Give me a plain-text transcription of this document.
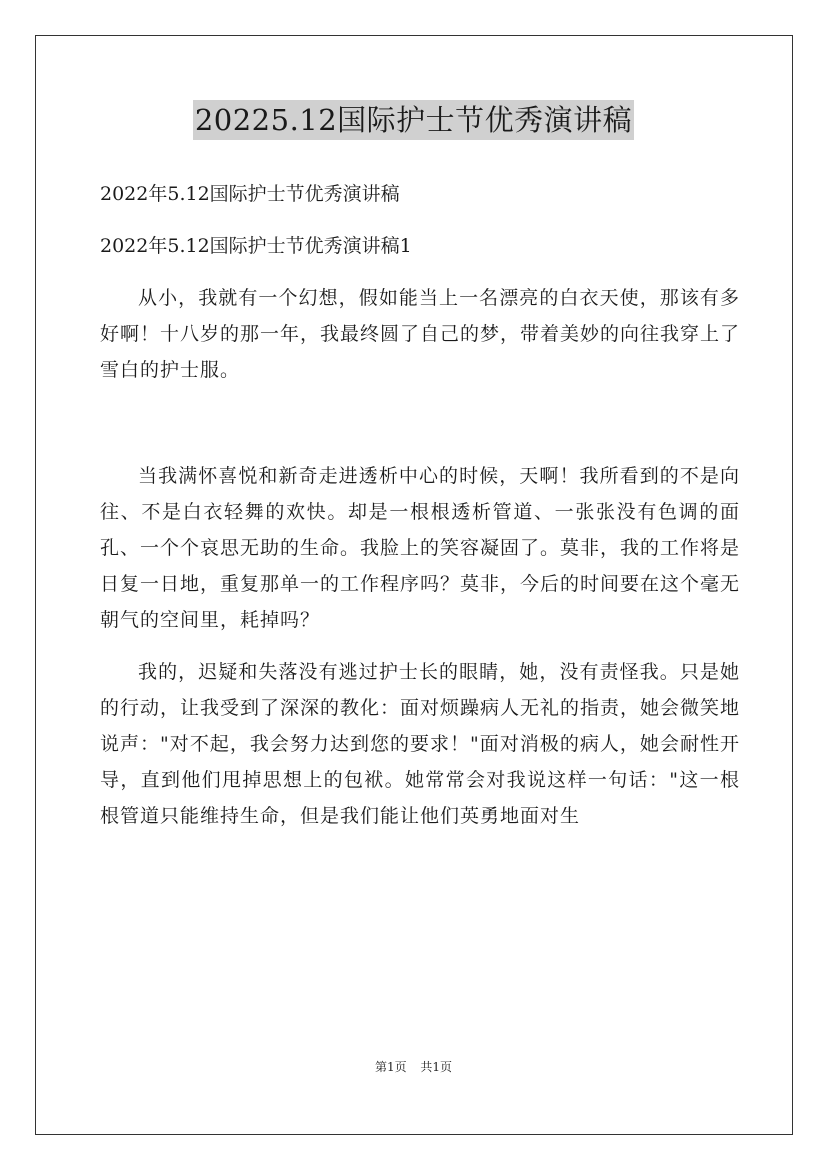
20225.12国际护士节优秀演讲稿

2022年5.12国际护士节优秀演讲稿

2022年5.12国际护士节优秀演讲稿1

从小，我就有一个幻想，假如能当上一名漂亮的白衣天使，那该有多好啊！十八岁的那一年，我最终圆了自己的梦，带着美妙的向往我穿上了雪白的护士服。

当我满怀喜悦和新奇走进透析中心的时候，天啊！我所看到的不是向往、不是白衣轻舞的欢快。却是一根根透析管道、一张张没有色调的面孔、一个个哀思无助的生命。我脸上的笑容凝固了。莫非，我的工作将是日复一日地，重复那单一的工作程序吗？莫非，今后的时间要在这个毫无朝气的空间里，耗掉吗？

我的，迟疑和失落没有逃过护士长的眼睛，她，没有责怪我。只是她的行动，让我受到了深深的教化：面对烦躁病人无礼的指责，她会微笑地说声："对不起，我会努力达到您的要求！"面对消极的病人，她会耐性开导，直到他们甩掉思想上的包袱。她常常会对我说这样一句话："这一根根管道只能维持生命，但是我们能让他们英勇地面对生

第1页 共1页
